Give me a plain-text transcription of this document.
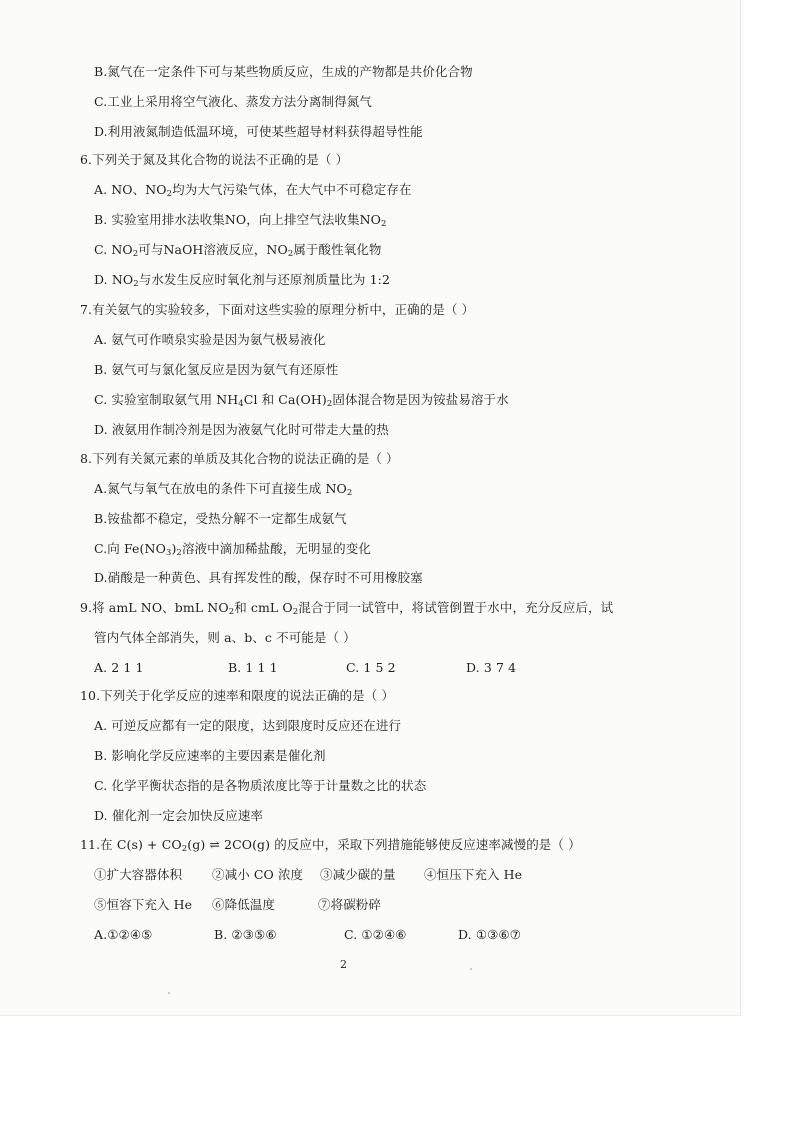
B.氮气在一定条件下可与某些物质反应，生成的产物都是共价化合物
C.工业上采用将空气液化、蒸发方法分离制得氮气
D.利用液氮制造低温环境，可使某些超导材料获得超导性能
6.下列关于氮及其化合物的说法不正确的是（ ）
A. NO、$NO_2$均为大气污染气体，在大气中不可稳定存在
B. 实验室用排水法收集NO，向上排空气法收集$NO_2$
C. $NO_2$可与NaOH溶液反应，$NO_2$属于酸性氧化物
D. $NO_2$与水发生反应时氧化剂与还原剂质量比为 1:2
7.有关氨气的实验较多，下面对这些实验的原理分析中，正确的是（ ）
A. 氨气可作喷泉实验是因为氨气极易液化
B. 氨气可与氯化氢反应是因为氨气有还原性
C. 实验室制取氨气用 $NH_4Cl$ 和 $Ca(OH)_2$固体混合物是因为铵盐易溶于水
D. 液氨用作制冷剂是因为液氨气化时可带走大量的热
8.下列有关氮元素的单质及其化合物的说法正确的是（ ）
A.氮气与氧气在放电的条件下可直接生成 $NO_2$
B.铵盐都不稳定，受热分解不一定都生成氨气
C.向 $Fe(NO_3)_2$溶液中滴加稀盐酸，无明显的变化
D.硝酸是一种黄色、具有挥发性的酸，保存时不可用橡胶塞
9.将 amL NO、bmL $NO_2$和 cmL $O_2$混合于同一试管中，将试管倒置于水中，充分反应后，试
管内气体全部消失，则 a、b、c 不可能是（ ）
A. 2 1 1	B. 1 1 1	C. 1 5 2	D. 3 7 4
10.下列关于化学反应的速率和限度的说法正确的是（ ）
A. 可逆反应都有一定的限度，达到限度时反应还在进行
B. 影响化学反应速率的主要因素是催化剂
C. 化学平衡状态指的是各物质浓度比等于计量数之比的状态
D. 催化剂一定会加快反应速率
11.在 $C(s) + CO_2(g)$ ⇌ 2CO(g) 的反应中，采取下列措施能够使反应速率减慢的是（ ）
①扩大容器体积 ②减小 CO 浓度 ③减少碳的量 ④恒压下充入 He
⑤恒容下充入 He ⑥降低温度	⑦将碳粉碎
A.①②④⑤	B. ②③⑤⑥	C. ①②④⑥	D. ①③⑥⑦
2
